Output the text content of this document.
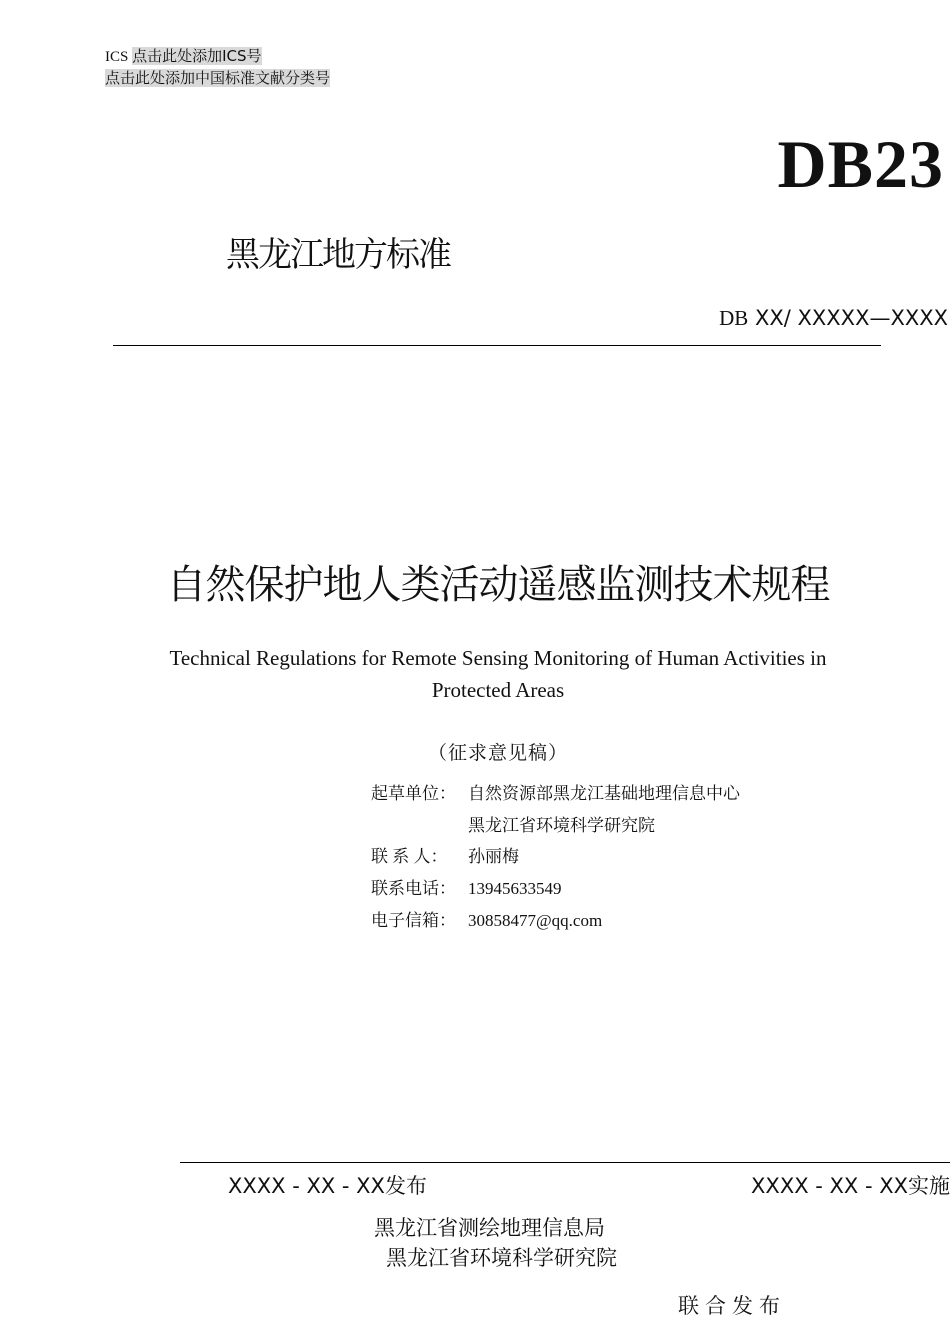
ICS 点击此处添加ICS号
点击此处添加中国标准文献分类号
DB23
黑龙江地方标准
DB XX/ XXXXX—XXXX
自然保护地人类活动遥感监测技术规程
Technical Regulations for Remote Sensing Monitoring of Human Activities in Protected Areas
（征求意见稿）
起草单位： 自然资源部黑龙江基础地理信息中心
黑龙江省环境科学研究院
联 系 人： 孙丽梅
联系电话： 13945633549
电子信箱： 30858477@qq.com
XXXX - XX - XX发布	XXXX - XX - XX实施
黑龙江省测绘地理信息局
黑龙江省环境科学研究院
联合发布
